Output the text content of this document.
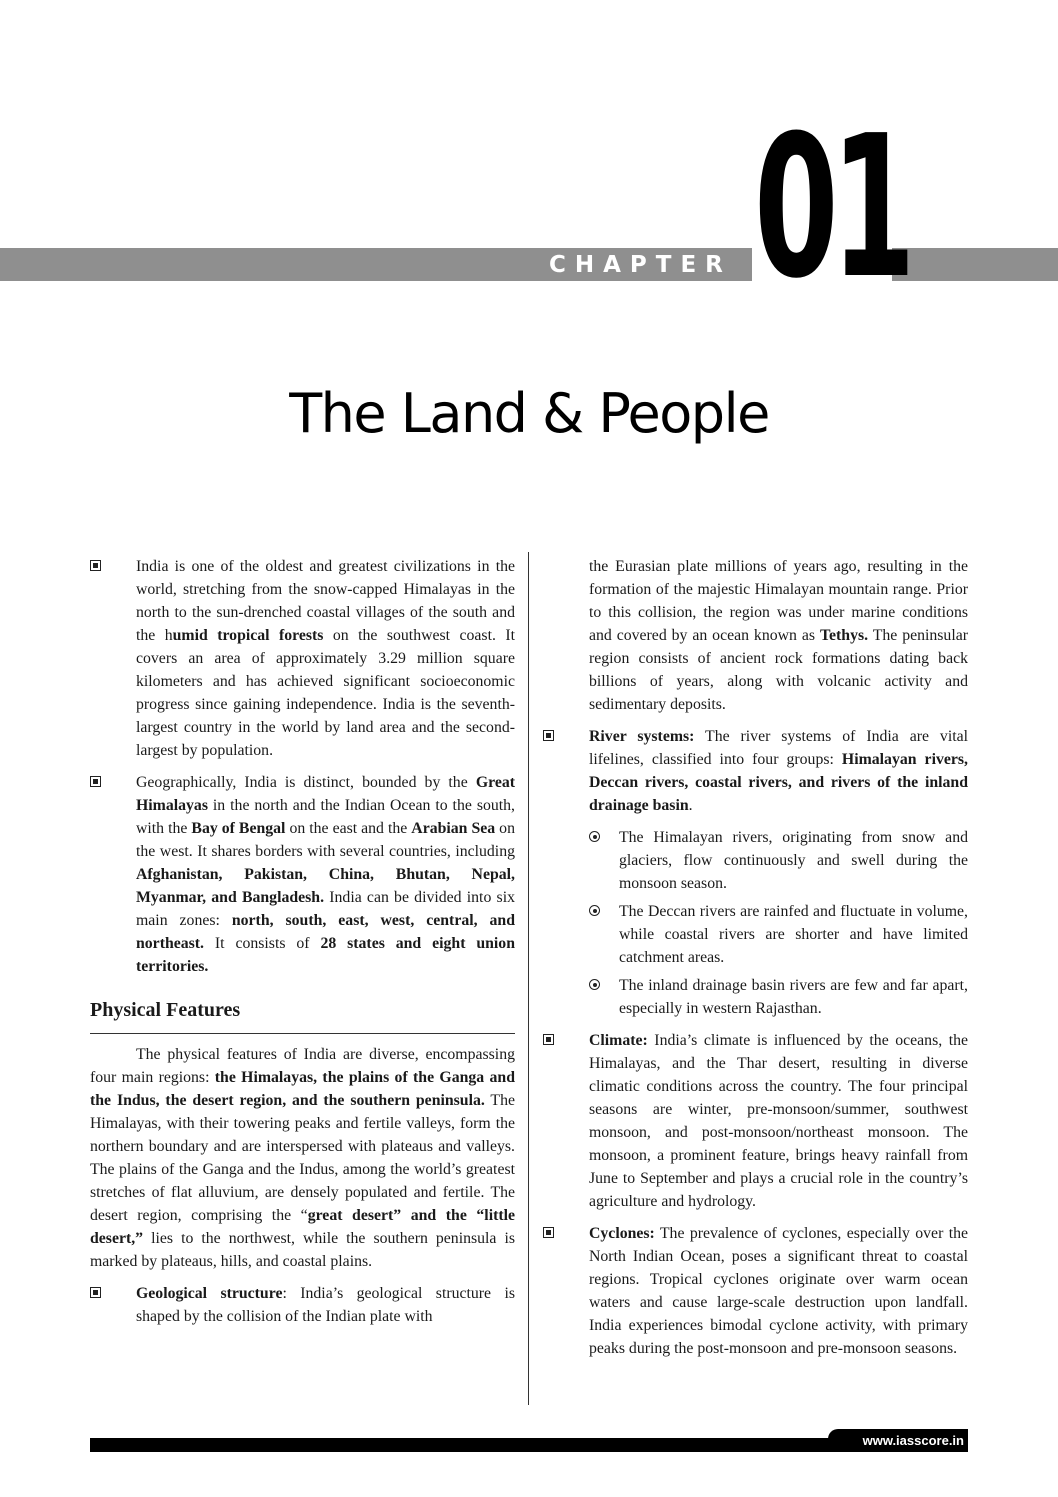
CHAPTER 01
The Land & People

India is one of the oldest and greatest civilizations in the world, stretching from the snow-capped Himalayas in the north to the sun-drenched coastal villages of the south and the humid tropical forests on the southwest coast. It covers an area of approximately 3.29 million square kilometers and has achieved significant socioeconomic progress since gaining independence. India is the seventh-largest country in the world by land area and the second-largest by population.

Geographically, India is distinct, bounded by the Great Himalayas in the north and the Indian Ocean to the south, with the Bay of Bengal on the east and the Arabian Sea on the west. It shares borders with several countries, including Afghanistan, Pakistan, China, Bhutan, Nepal, Myanmar, and Bangladesh. India can be divided into six main zones: north, south, east, west, central, and northeast. It consists of 28 states and eight union territories.

Physical Features

The physical features of India are diverse, encompassing four main regions: the Himalayas, the plains of the Ganga and the Indus, the desert region, and the southern peninsula. The Himalayas, with their towering peaks and fertile valleys, form the northern boundary and are interspersed with plateaus and valleys. The plains of the Ganga and the Indus, among the world’s greatest stretches of flat alluvium, are densely populated and fertile. The desert region, comprising the “great desert” and the “little desert,” lies to the northwest, while the southern peninsula is marked by plateaus, hills, and coastal plains.

Geological structure: India’s geological structure is shaped by the collision of the Indian plate with

the Eurasian plate millions of years ago, resulting in the formation of the majestic Himalayan mountain range. Prior to this collision, the region was under marine conditions and covered by an ocean known as Tethys. The peninsular region consists of ancient rock formations dating back billions of years, along with volcanic activity and sedimentary deposits.

River systems: The river systems of India are vital lifelines, classified into four groups: Himalayan rivers, Deccan rivers, coastal rivers, and rivers of the inland drainage basin.

The Himalayan rivers, originating from snow and glaciers, flow continuously and swell during the monsoon season.

The Deccan rivers are rainfed and fluctuate in volume, while coastal rivers are shorter and have limited catchment areas.

The inland drainage basin rivers are few and far apart, especially in western Rajasthan.

Climate: India’s climate is influenced by the oceans, the Himalayas, and the Thar desert, resulting in diverse climatic conditions across the country. The four principal seasons are winter, pre-monsoon/summer, southwest monsoon, and post-monsoon/northeast monsoon. The monsoon, a prominent feature, brings heavy rainfall from June to September and plays a crucial role in the country’s agriculture and hydrology.

Cyclones: The prevalence of cyclones, especially over the North Indian Ocean, poses a significant threat to coastal regions. Tropical cyclones originate over warm ocean waters and cause large-scale destruction upon landfall. India experiences bimodal cyclone activity, with primary peaks during the post-monsoon and pre-monsoon seasons.

www.iasscore.in
